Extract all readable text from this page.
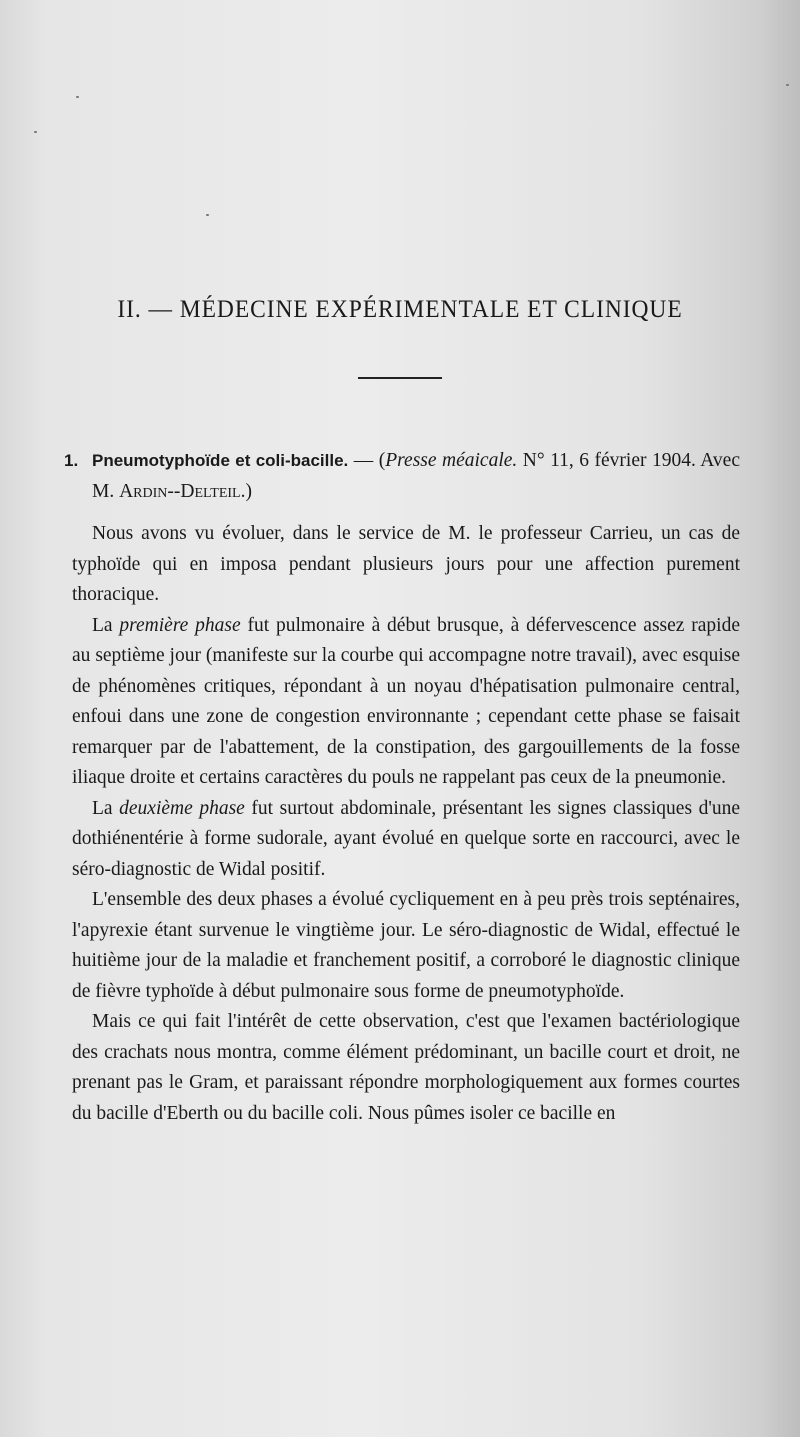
II. — MÉDECINE EXPÉRIMENTALE ET CLINIQUE

1. Pneumotyphoïde et coli-bacille. — (Presse méaicale. N° 11, 6 février 1904. Avec M. Ardin--Delteil.)

Nous avons vu évoluer, dans le service de M. le professeur Carrieu, un cas de typhoïde qui en imposa pendant plusieurs jours pour une affection purement thoracique.

La première phase fut pulmonaire à début brusque, à défervescence assez rapide au septième jour (manifeste sur la courbe qui accompagne notre travail), avec esquise de phénomènes critiques, répondant à un noyau d'hépatisation pulmonaire central, enfoui dans une zone de congestion environnante ; cependant cette phase se faisait remarquer par de l'abattement, de la constipation, des gargouillements de la fosse iliaque droite et certains caractères du pouls ne rappelant pas ceux de la pneumonie.

La deuxième phase fut surtout abdominale, présentant les signes classiques d'une dothiénentérie à forme sudorale, ayant évolué en quelque sorte en raccourci, avec le séro-diagnostic de Widal positif.

L'ensemble des deux phases a évolué cycliquement en à peu près trois septénaires, l'apyrexie étant survenue le vingtième jour. Le séro-diagnostic de Widal, effectué le huitième jour de la maladie et franchement positif, a corroboré le diagnostic clinique de fièvre typhoïde à début pulmonaire sous forme de pneumotyphoïde.

Mais ce qui fait l'intérêt de cette observation, c'est que l'examen bactériologique des crachats nous montra, comme élément prédominant, un bacille court et droit, ne prenant pas le Gram, et paraissant répondre morphologiquement aux formes courtes du bacille d'Eberth ou du bacille coli. Nous pûmes isoler ce bacille en
